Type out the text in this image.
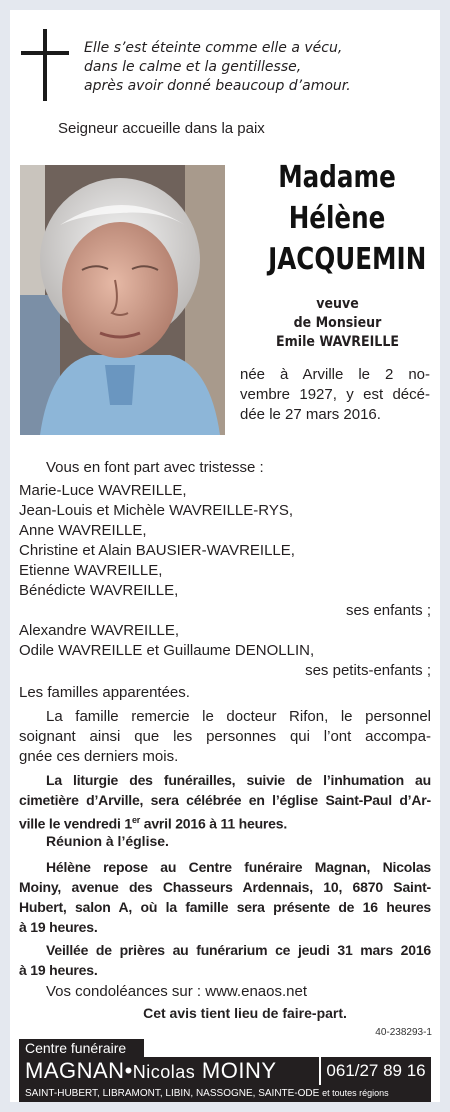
Elle s’est éteinte comme elle a vécu,
dans le calme et la gentillesse,
après avoir donné beaucoup d’amour.
Seigneur accueille dans la paix
Madame
Hélène
JACQUEMIN
veuve
de Monsieur
Emile WAVREILLE
née à Arville le 2 no-
vembre 1927, y est décé-
dée le 27 mars 2016.
Vous en font part avec tristesse :
Marie-Luce WAVREILLE,
Jean-Louis et Michèle WAVREILLE-RYS,
Anne WAVREILLE,
Christine et Alain BAUSIER-WAVREILLE,
Etienne WAVREILLE,
Bénédicte WAVREILLE,
ses enfants ;
Alexandre WAVREILLE,
Odile WAVREILLE et Guillaume DENOLLIN,
ses petits-enfants ;
Les familles apparentées.
La famille remercie le docteur Rifon, le personnel
soignant ainsi que les personnes qui l’ont accompa-
gnée ces derniers mois.
La liturgie des funérailles, suivie de l’inhumation au
cimetière d’Arville, sera célébrée en l’église Saint-Paul d’Ar-
ville le vendredi 1er avril 2016 à 11 heures.
Réunion à l’église.
Hélène repose au Centre funéraire Magnan, Nicolas
Moiny, avenue des Chasseurs Ardennais, 10, 6870 Saint-
Hubert, salon A, où la famille sera présente de 16 heures
à 19 heures.
Veillée de prières au funérarium ce jeudi 31 mars 2016
à 19 heures.
Vos condoléances sur : www.enaos.net
Cet avis tient lieu de faire-part.
40-238293-1
Centre funéraire
MAGNAN•Nicolas MOINY	061/27 89 16
SAINT-HUBERT, LIBRAMONT, LIBIN, NASSOGNE, SAINTE-ODE et toutes régions
